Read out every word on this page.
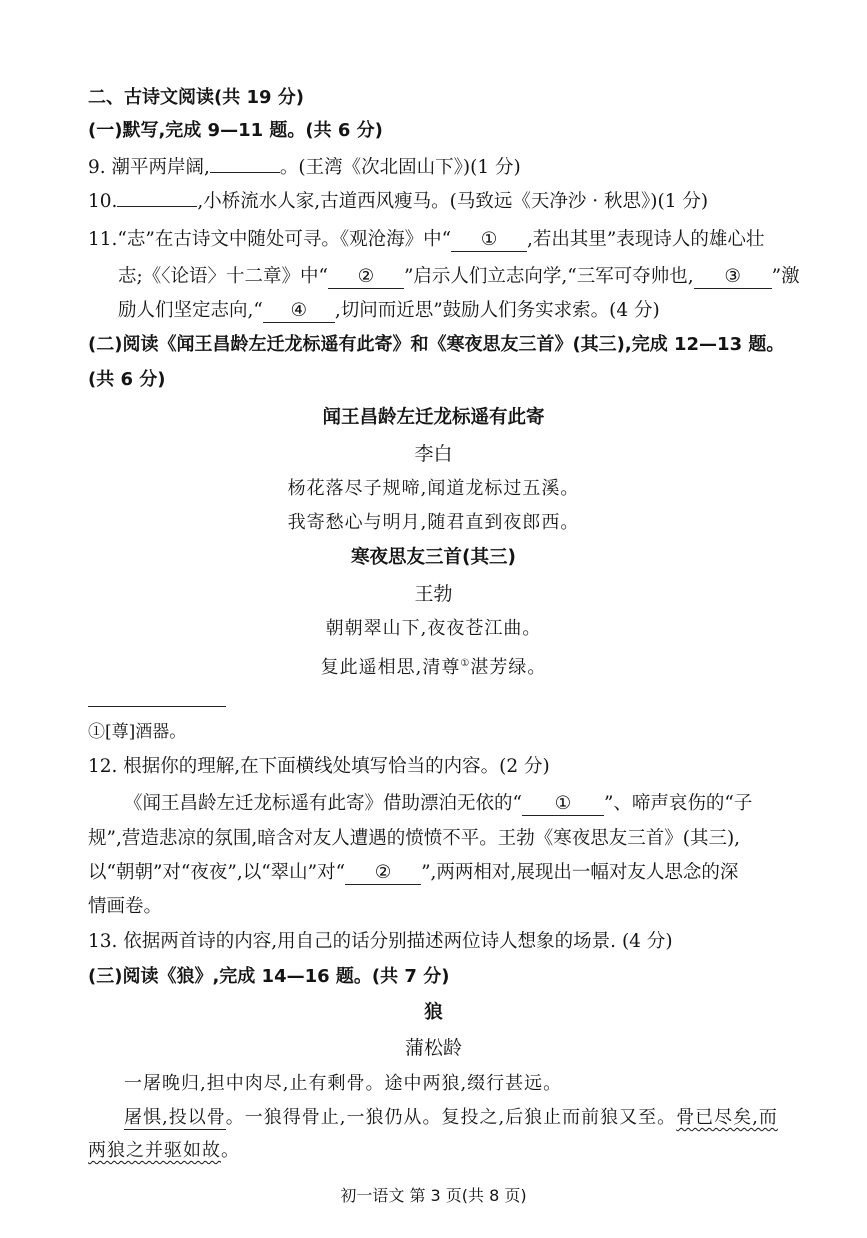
二、古诗文阅读(共 19 分)
(一)默写,完成 9—11 题。(共 6 分)
9. 潮平两岸阔,	。(王湾《次北固山下》)(1 分)
10.	,小桥流水人家,古道西风瘦马。(马致远《天净沙 · 秋思》)(1 分)
11.“志”在古诗文中随处可寻。《观沧海》中“ ① ,若出其里”表现诗人的雄心壮
志;《〈论语〉十二章》中“ ② ”启示人们立志向学,“三军可夺帅也, ③ ”激
励人们坚定志向,“ ④ ,切问而近思”鼓励人们务实求索。(4 分)
(二)阅读《闻王昌龄左迁龙标遥有此寄》和《寒夜思友三首》(其三),完成 12—13 题。
(共 6 分)
闻王昌龄左迁龙标遥有此寄
李白
杨花落尽子规啼,闻道龙标过五溪。
我寄愁心与明月,随君直到夜郎西。
寒夜思友三首(其三)
王勃
朝朝翠山下,夜夜苍江曲。
复此遥相思,清尊①湛芳绿。
①[尊]酒器。
12. 根据你的理解,在下面横线处填写恰当的内容。(2 分)
《闻王昌龄左迁龙标遥有此寄》借助漂泊无依的“ ① ”、啼声哀伤的“子
规”,营造悲凉的氛围,暗含对友人遭遇的愤愤不平。王勃《寒夜思友三首》(其三),
以“朝朝”对“夜夜”,以“翠山”对“ ② ”,两两相对,展现出一幅对友人思念的深
情画卷。
13. 依据两首诗的内容,用自己的话分别描述两位诗人想象的场景. (4 分)
(三)阅读《狼》,完成 14—16 题。(共 7 分)
狼
蒲松龄
一屠晚归,担中肉尽,止有剩骨。途中两狼,缀行甚远。
屠惧,投以骨。一狼得骨止,一狼仍从。复投之,后狼止而前狼又至。骨已尽矣,而
两狼之并驱如故。
初一语文 第 3 页(共 8 页)
